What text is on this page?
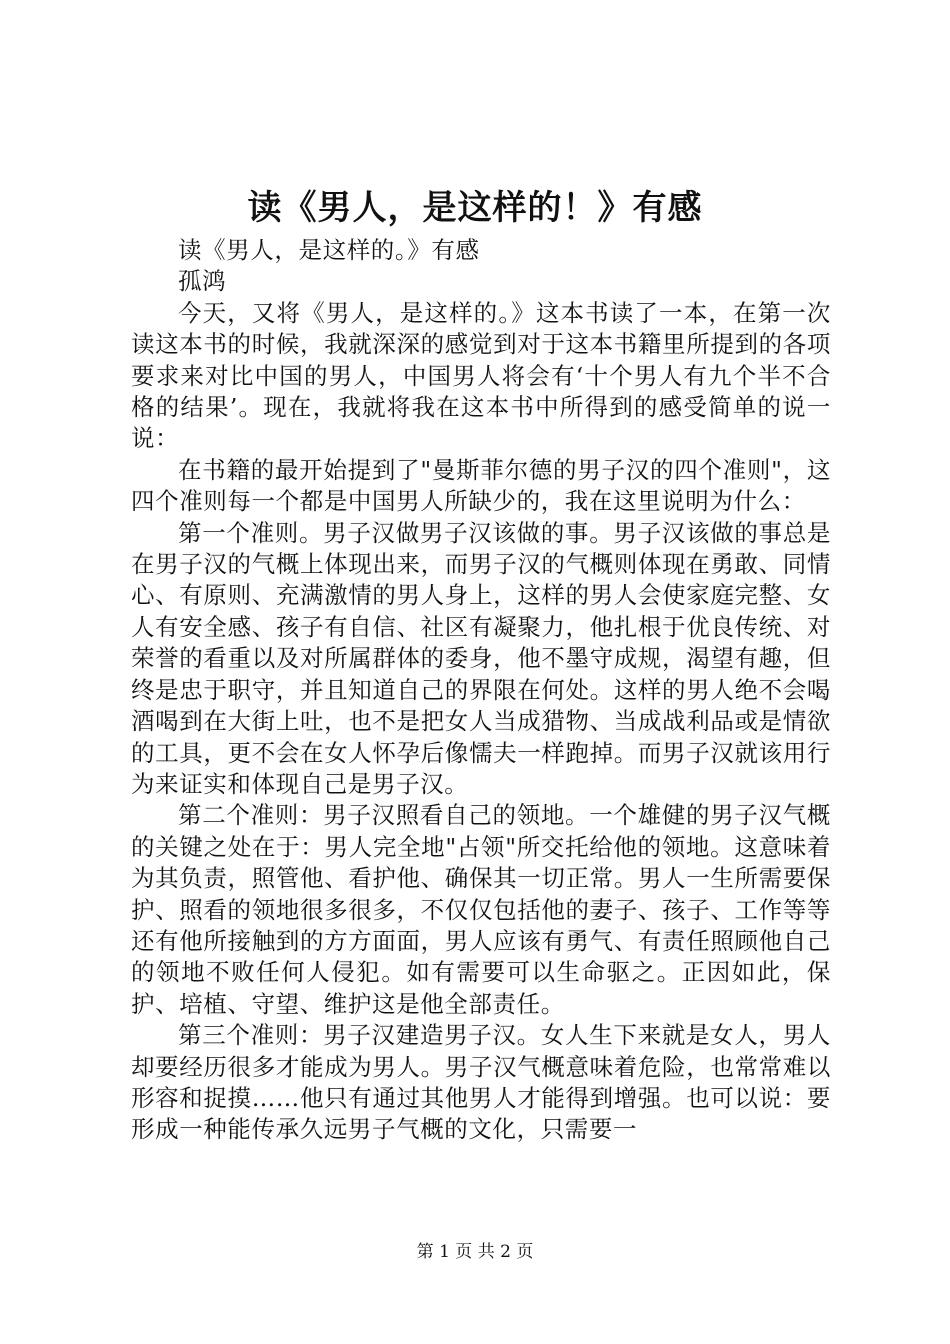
读《男人，是这样的！》有感

读《男人，是这样的。》有感

孤鸿

今天，又将《男人，是这样的。》这本书读了一本，在第一次读这本书的时候，我就深深的感觉到对于这本书籍里所提到的各项要求来对比中国的男人，中国男人将会有‘十个男人有九个半不合格的结果’。现在，我就将我在这本书中所得到的感受简单的说一说：

在书籍的最开始提到了"曼斯菲尔德的男子汉的四个准则"，这四个准则每一个都是中国男人所缺少的，我在这里说明为什么：

第一个准则。男子汉做男子汉该做的事。男子汉该做的事总是在男子汉的气概上体现出来，而男子汉的气概则体现在勇敢、同情心、有原则、充满激情的男人身上，这样的男人会使家庭完整、女人有安全感、孩子有自信、社区有凝聚力，他扎根于优良传统、对荣誉的看重以及对所属群体的委身，他不墨守成规，渴望有趣，但终是忠于职守，并且知道自己的界限在何处。这样的男人绝不会喝酒喝到在大街上吐，也不是把女人当成猎物、当成战利品或是情欲的工具，更不会在女人怀孕后像懦夫一样跑掉。而男子汉就该用行为来证实和体现自己是男子汉。

第二个准则：男子汉照看自己的领地。一个雄健的男子汉气概的关键之处在于：男人完全地"占领"所交托给他的领地。这意味着为其负责，照管他、看护他、确保其一切正常。男人一生所需要保护、照看的领地很多很多，不仅仅包括他的妻子、孩子、工作等等还有他所接触到的方方面面，男人应该有勇气、有责任照顾他自己的领地不败任何人侵犯。如有需要可以生命驱之。正因如此，保护、培植、守望、维护这是他全部责任。

第三个准则：男子汉建造男子汉。女人生下来就是女人，男人却要经历很多才能成为男人。男子汉气概意味着危险，也常常难以形容和捉摸……他只有通过其他男人才能得到增强。也可以说：要形成一种能传承久远男子气概的文化，只需要一

第 1 页 共 2 页
